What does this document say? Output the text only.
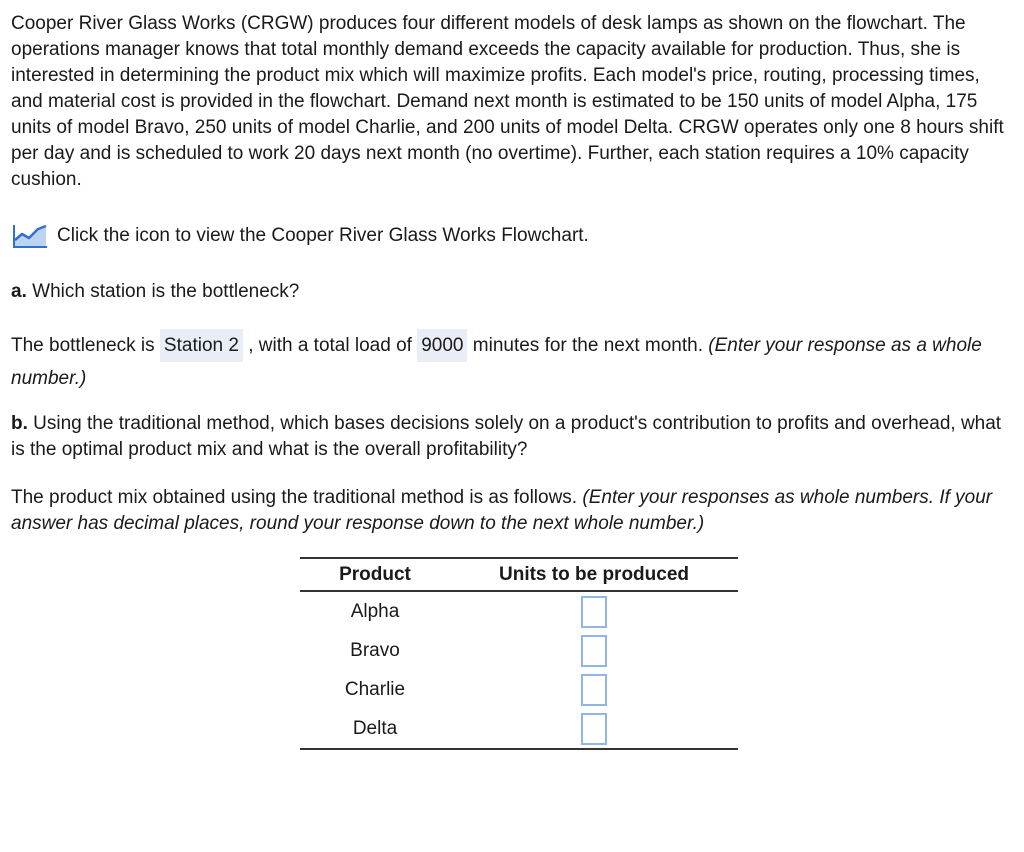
Cooper River Glass Works (CRGW) produces four different models of desk lamps as shown on the flowchart. The operations manager knows that total monthly demand exceeds the capacity available for production. Thus, she is interested in determining the product mix which will maximize profits. Each model's price, routing, processing times, and material cost is provided in the flowchart. Demand next month is estimated to be 150 units of model Alpha, 175 units of model Bravo, 250 units of model Charlie, and 200 units of model Delta. CRGW operates only one 8 hours shift per day and is scheduled to work 20 days next month (no overtime). Further, each station requires a 10% capacity cushion.

Click the icon to view the Cooper River Glass Works Flowchart.

a. Which station is the bottleneck?

The bottleneck is Station 2 , with a total load of 9000 minutes for the next month. (Enter your response as a whole number.)

b. Using the traditional method, which bases decisions solely on a product's contribution to profits and overhead, what is the optimal product mix and what is the overall profitability?

The product mix obtained using the traditional method is as follows. (Enter your responses as whole numbers. If your answer has decimal places, round your response down to the next whole number.)

Product	Units to be produced
Alpha	
Bravo	
Charlie	
Delta	
